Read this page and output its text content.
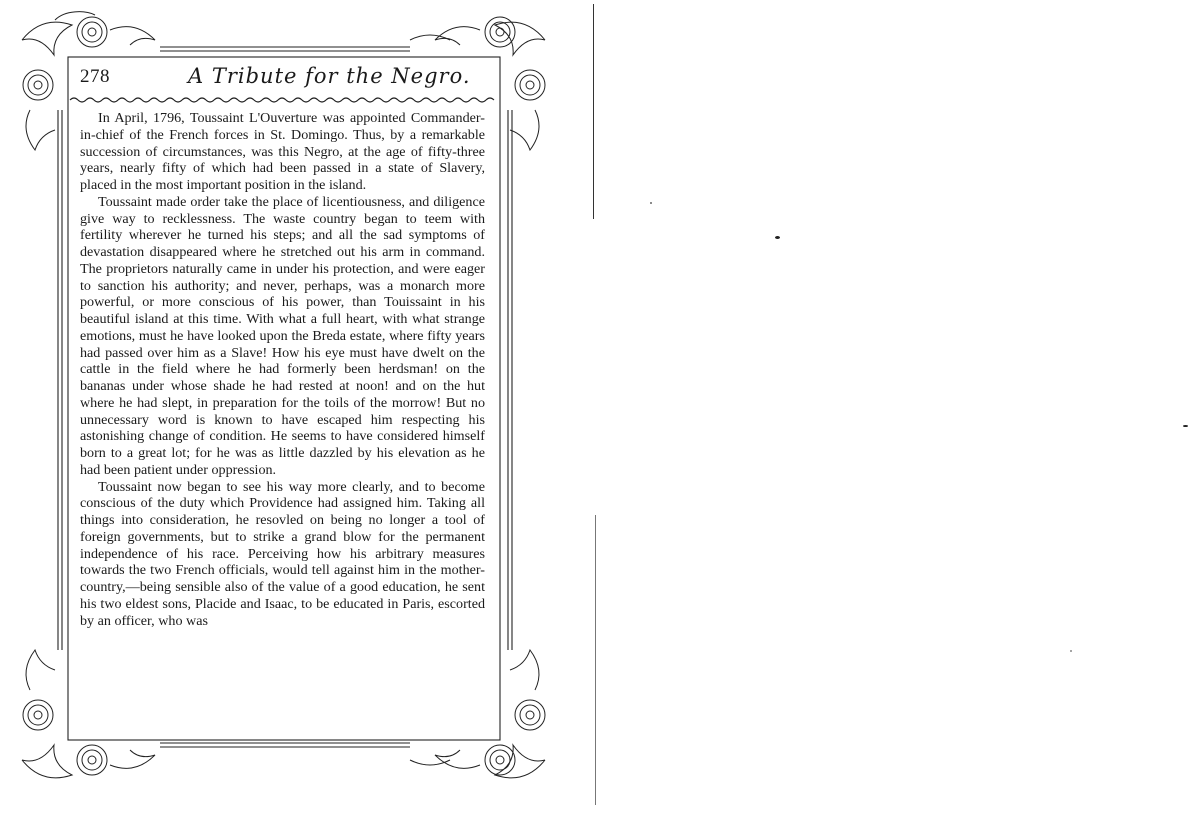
278	A Tribute for the Negro.

In April, 1796, Toussaint L'Ouverture was appointed Commander-in-chief of the French forces in St. Domingo. Thus, by a remarkable succession of circumstances, was this Negro, at the age of fifty-three years, nearly fifty of which had been passed in a state of Slavery, placed in the most important position in the island.

Toussaint made order take the place of licentiousness, and diligence give way to recklessness. The waste country began to teem with fertility wherever he turned his steps; and all the sad symptoms of devastation disappeared where he stretched out his arm in command. The proprietors naturally came in under his protection, and were eager to sanction his authority; and never, perhaps, was a monarch more powerful, or more conscious of his power, than Touissaint in his beautiful island at this time. With what a full heart, with what strange emotions, must he have looked upon the Breda estate, where fifty years had passed over him as a Slave! How his eye must have dwelt on the cattle in the field where he had formerly been herdsman! on the bananas under whose shade he had rested at noon! and on the hut where he had slept, in preparation for the toils of the morrow! But no unnecessary word is known to have escaped him respecting his astonishing change of condition. He seems to have considered himself born to a great lot; for he was as little dazzled by his elevation as he had been patient under oppression.

Toussaint now began to see his way more clearly, and to become conscious of the duty which Providence had assigned him. Taking all things into consideration, he resovled on being no longer a tool of foreign governments, but to strike a grand blow for the permanent independence of his race. Perceiving how his arbitrary measures towards the two French officials, would tell against him in the mother-country,—being sensible also of the value of a good education, he sent his two eldest sons, Placide and Isaac, to be educated in Paris, escorted by an officer, who was
